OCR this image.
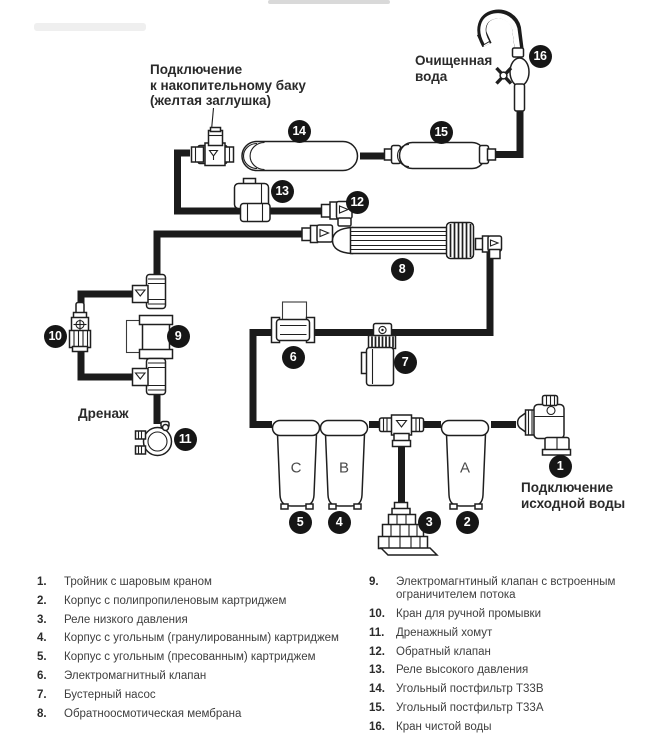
Подключение
к накопительному баку
(желтая заглушка)
Очищенная
вода
Дренаж
Подключение
исходной воды
C	B	A	1
2
3
4
5
6	7
8
9
10
11
12
13
14	15
16
1.	Тройник с шаровым краном
2.	Корпус с полипропиленовым картриджем
3.	Реле низкого давления
4.	Корпус с угольным (гранулированным) картриджем
5.	Корпус с угольным (пресованным) картриджем
6.	Электромагнитный клапан
7.	Бустерный насос
8.	Обратноосмотическая мембрана
9.	Электромагнтиный клапан с встроенным ограничителем потока
10. Кран для ручной промывки
11.	Дренажный хомут
12. Обратный клапан
13. Реле высокого давления
14. Угольный постфильтр Т33В
15. Угольный постфильтр Т33А
16. Кран чистой воды
